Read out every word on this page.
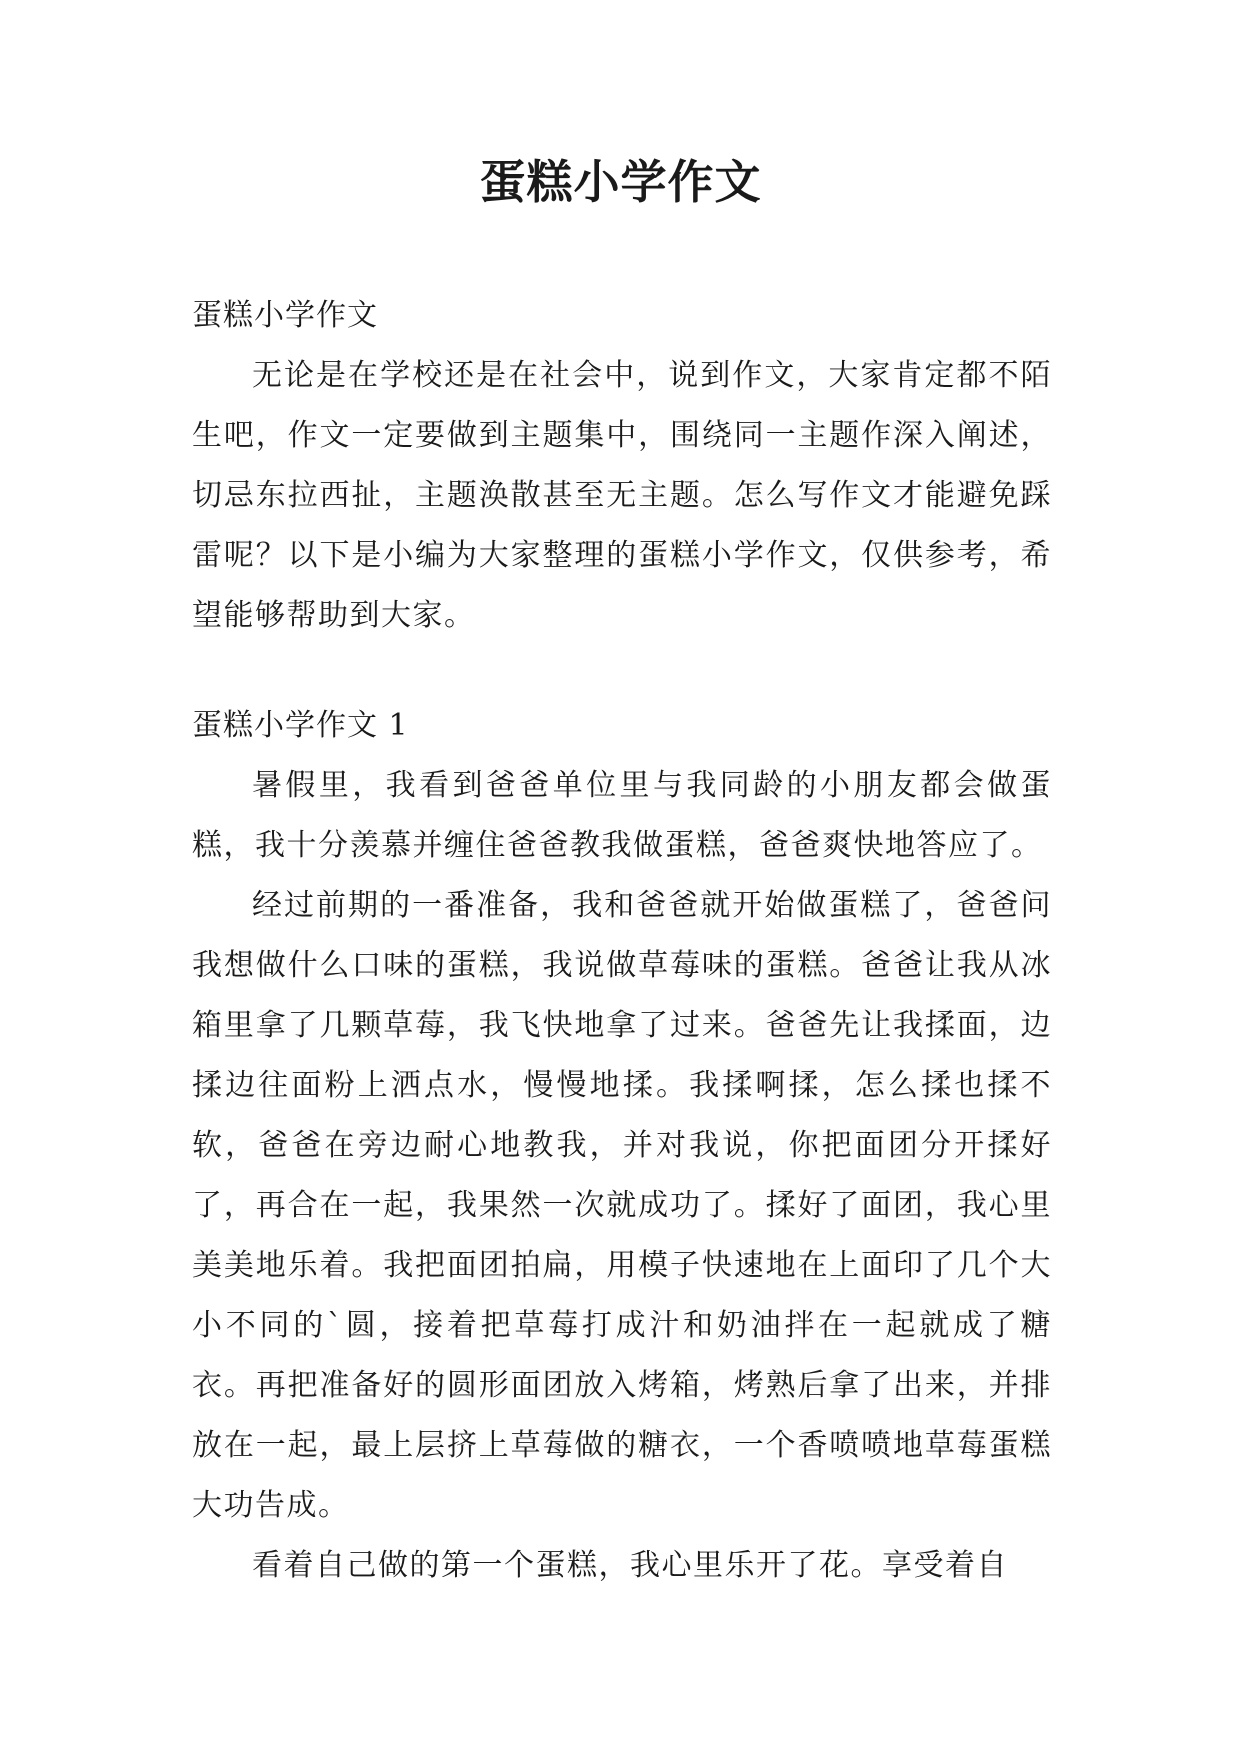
蛋糕小学作文
蛋糕小学作文

无论是在学校还是在社会中，说到作文，大家肯定都不陌生吧，作文一定要做到主题集中，围绕同一主题作深入阐述，切忌东拉西扯，主题涣散甚至无主题。怎么写作文才能避免踩雷呢？以下是小编为大家整理的蛋糕小学作文，仅供参考，希望能够帮助到大家。

蛋糕小学作文 1

暑假里，我看到爸爸单位里与我同龄的小朋友都会做蛋糕，我十分羡慕并缠住爸爸教我做蛋糕，爸爸爽快地答应了。

经过前期的一番准备，我和爸爸就开始做蛋糕了，爸爸问我想做什么口味的蛋糕，我说做草莓味的蛋糕。爸爸让我从冰箱里拿了几颗草莓，我飞快地拿了过来。爸爸先让我揉面，边揉边往面粉上洒点水，慢慢地揉。我揉啊揉，怎么揉也揉不软，爸爸在旁边耐心地教我，并对我说，你把面团分开揉好了，再合在一起，我果然一次就成功了。揉好了面团，我心里美美地乐着。我把面团拍扁，用模子快速地在上面印了几个大小不同的`圆，接着把草莓打成汁和奶油拌在一起就成了糖衣。再把准备好的圆形面团放入烤箱，烤熟后拿了出来，并排放在一起，最上层挤上草莓做的糖衣，一个香喷喷地草莓蛋糕大功告成。

看着自己做的第一个蛋糕，我心里乐开了花。享受着自
